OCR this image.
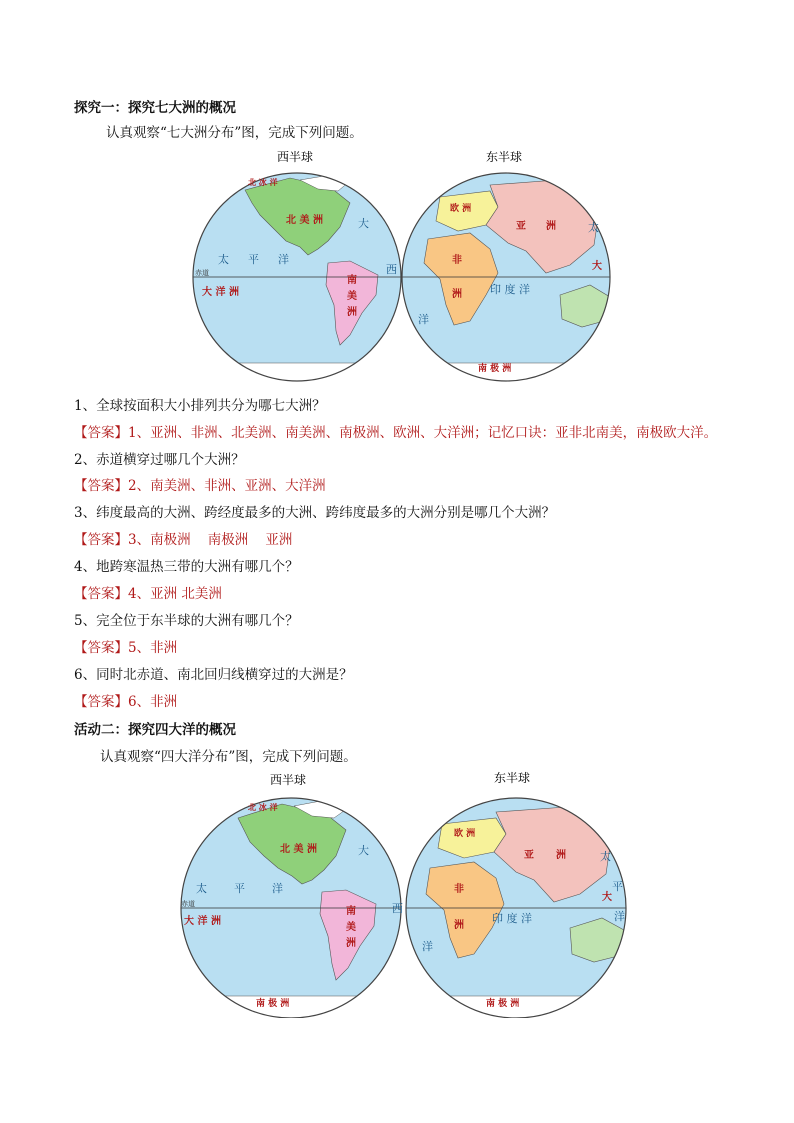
探究一：探究七大洲的概况
认真观察“七大洲分布”图，完成下列问题。
西半球	东半球
赤道
北 冰 洋
北 美 洲
南
美
洲
太 平 洋
大
西
洋
大 洋 洲
南 极 洲
欧 洲
亚 洲
非
洲	印 度 洋
太
大
1、全球按面积大小排列共分为哪七大洲？
【答案】1、亚洲、非洲、北美洲、南美洲、南极洲、欧洲、大洋洲；记忆口诀：亚非北南美，南极欧大洋。
2、赤道横穿过哪几个大洲？
【答案】2、南美洲、非洲、亚洲、大洋洲
3、纬度最高的大洲、跨经度最多的大洲、跨纬度最多的大洲分别是哪几个大洲？
【答案】3、南极洲    南极洲    亚洲
4、地跨寒温热三带的大洲有哪几个？
【答案】4、亚洲 北美洲
5、完全位于东半球的大洲有哪几个？
【答案】5、非洲
6、同时北赤道、南北回归线横穿过的大洲是？
【答案】6、非洲
活动二：探究四大洋的概况
认真观察“四大洋分布”图，完成下列问题。
西半球	东半球
赤道
北 冰 洋
北 美 洲
南
美
洲
太 平 洋
大
西
洋
大 洋 洲
南 极 洲
南 极 洲
欧 洲
亚 洲
非
洲
印 度 洋
太
平
洋
大
